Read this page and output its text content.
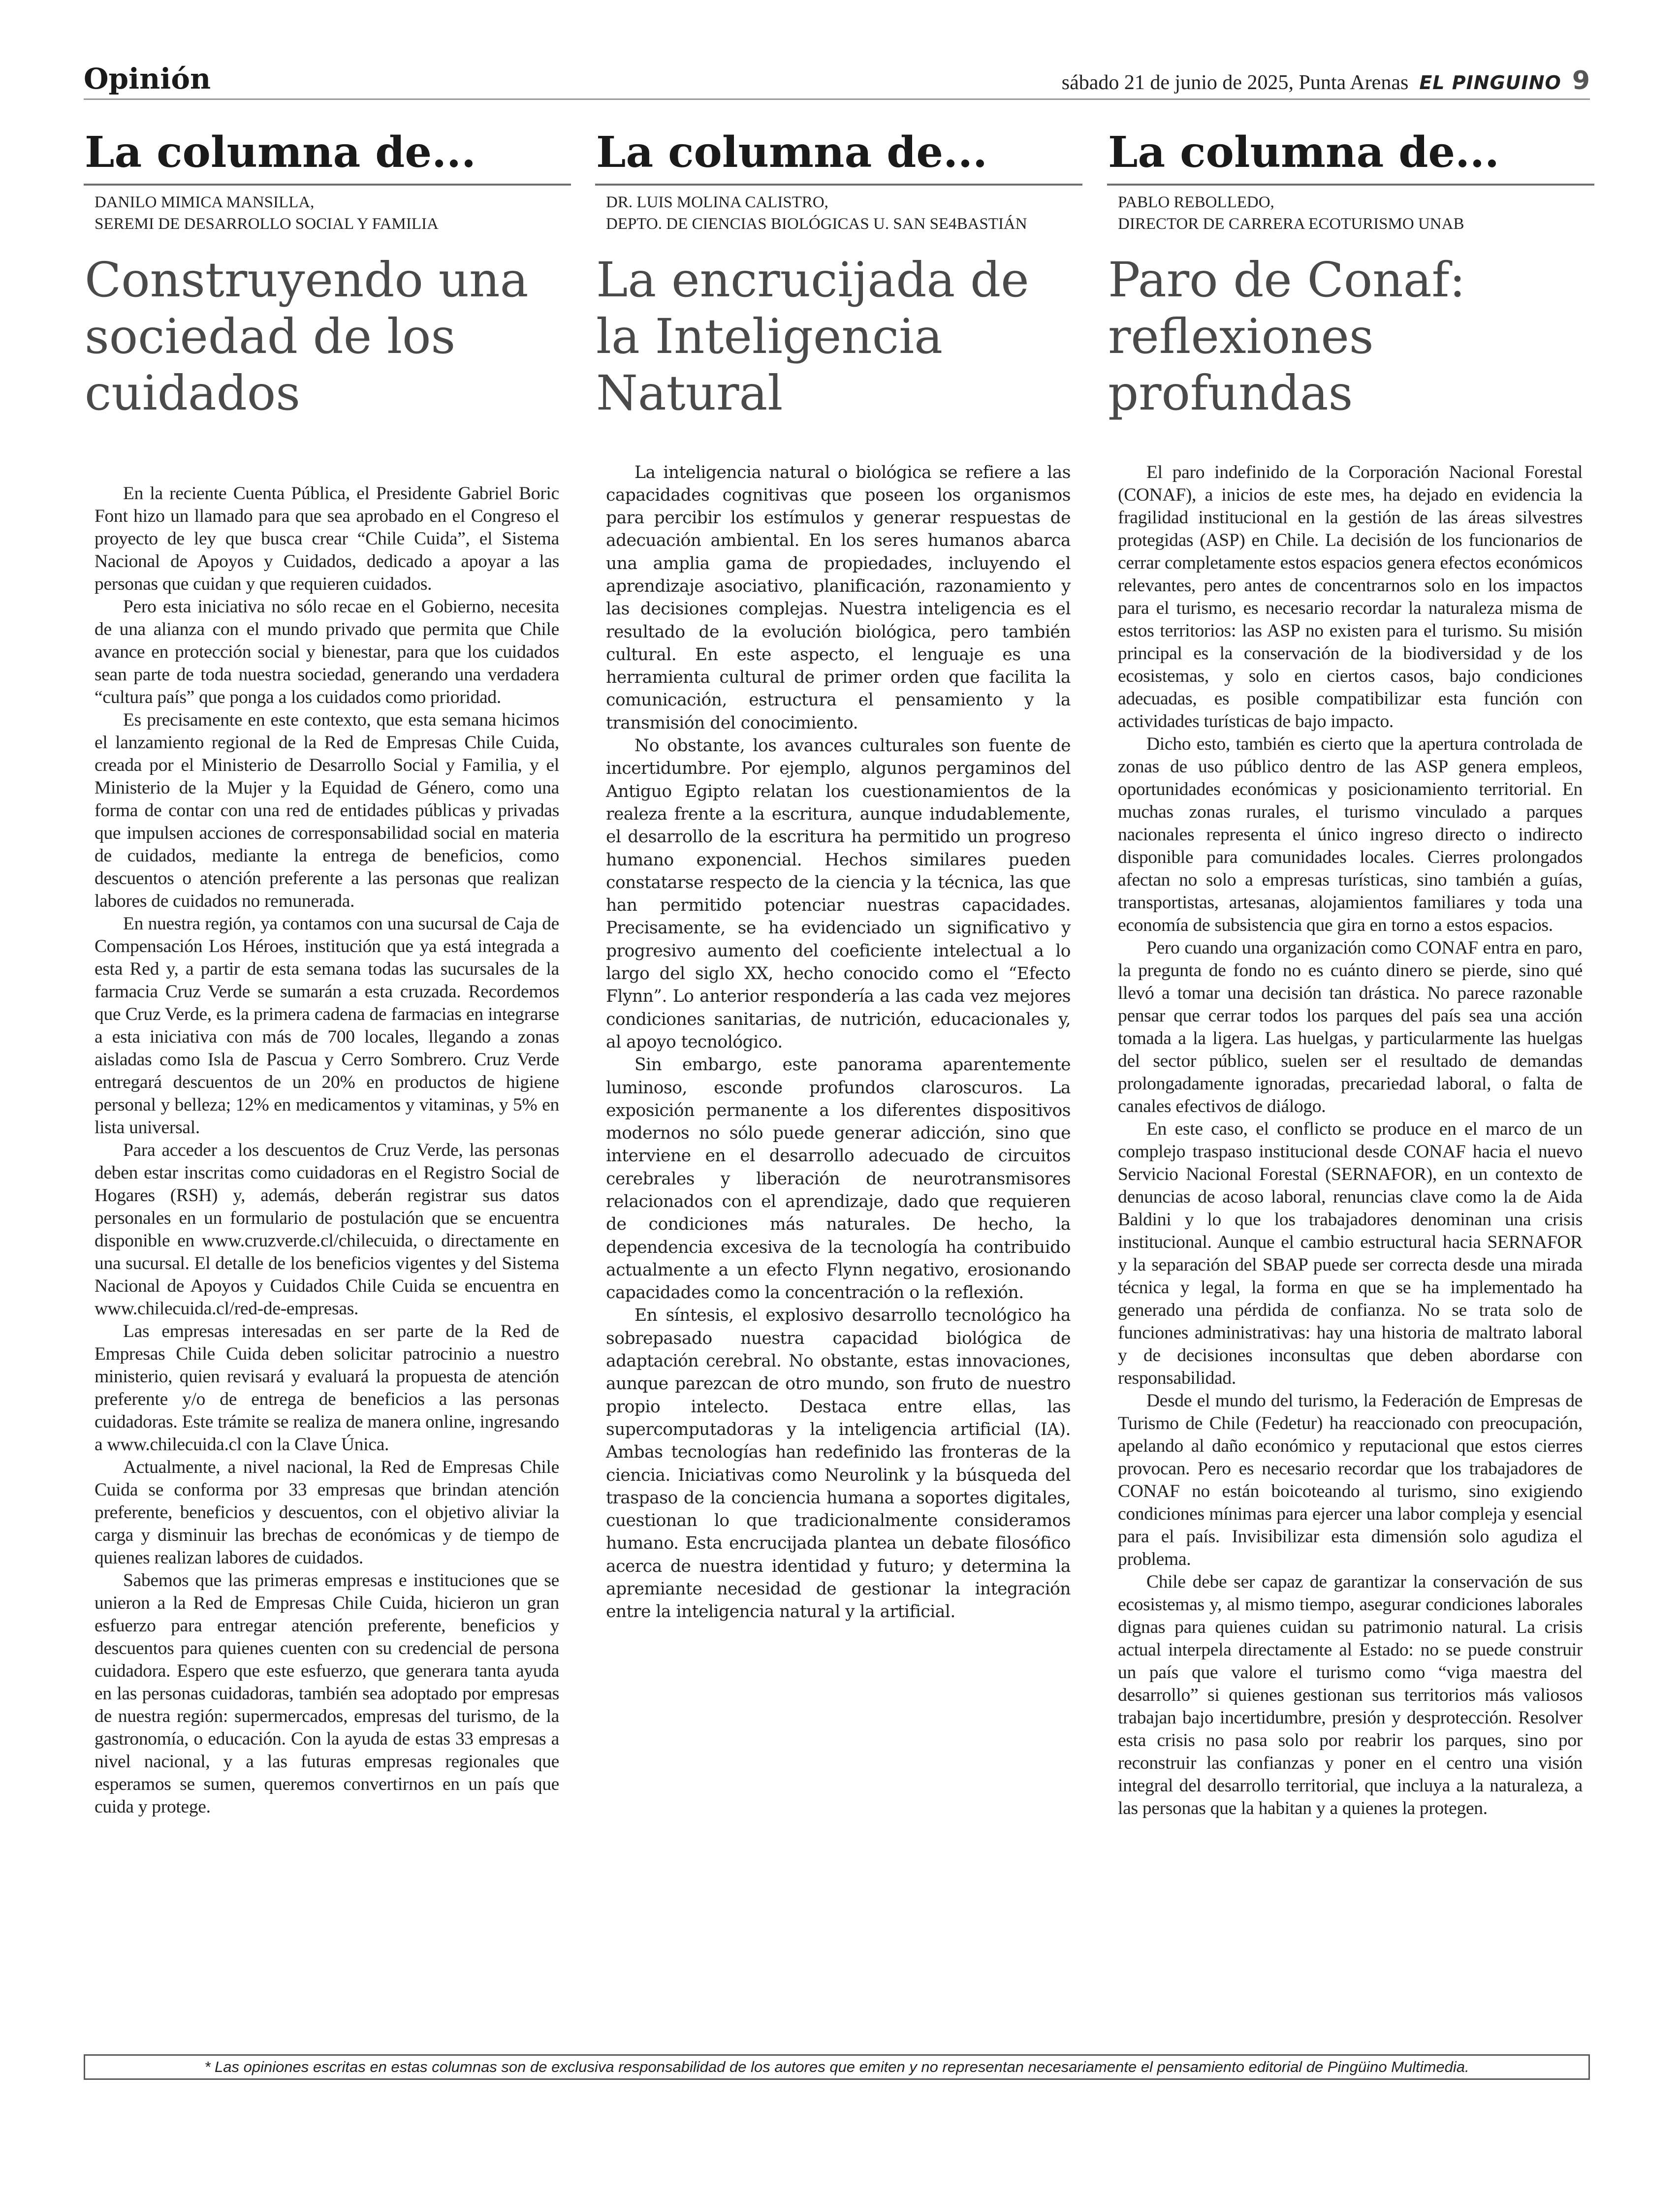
Opinión	sábado 21 de junio de 2025, Punta Arenas EL PINGUINO 9
La columna de...
DANILO MIMICA MANSILLA,
SEREMI DE DESARROLLO SOCIAL Y FAMILIA
Construyendo una sociedad de los cuidados

En la reciente Cuenta Pública, el Presidente Gabriel Boric Font hizo un llamado para que sea aprobado en el Congreso el proyecto de ley que busca crear “Chile Cuida”, el Sistema Nacional de Apoyos y Cuidados, dedicado a apoyar a las personas que cuidan y que requieren cuidados.

Pero esta iniciativa no sólo recae en el Gobierno, necesita de una alianza con el mundo privado que permita que Chile avance en protección social y bienestar, para que los cuidados sean parte de toda nuestra sociedad, generando una verdadera “cultura país” que ponga a los cuidados como prioridad.

Es precisamente en este contexto, que esta semana hicimos el lanzamiento regional de la Red de Empresas Chile Cuida, creada por el Ministerio de Desarrollo Social y Familia, y el Ministerio de la Mujer y la Equidad de Género, como una forma de contar con una red de entidades públicas y privadas que impulsen acciones de corresponsabilidad social en materia de cuidados, mediante la entrega de beneficios, como descuentos o atención preferente a las personas que realizan labores de cuidados no remunerada.

En nuestra región, ya contamos con una sucursal de Caja de Compensación Los Héroes, institución que ya está integrada a esta Red y, a partir de esta semana todas las sucursales de la farmacia Cruz Verde se sumarán a esta cruzada. Recordemos que Cruz Verde, es la primera cadena de farmacias en integrarse a esta iniciativa con más de 700 locales, llegando a zonas aisladas como Isla de Pascua y Cerro Sombrero. Cruz Verde entregará descuentos de un 20% en productos de higiene personal y belleza; 12% en medicamentos y vitaminas, y 5% en lista universal.

Para acceder a los descuentos de Cruz Verde, las personas deben estar inscritas como cuidadoras en el Registro Social de Hogares (RSH) y, además, deberán registrar sus datos personales en un formulario de postulación que se encuentra disponible en www.cruzverde.cl/chilecuida, o directamente en una sucursal. El detalle de los beneficios vigentes y del Sistema Nacional de Apoyos y Cuidados Chile Cuida se encuentra en www.chilecuida.cl/red-de-empresas.

Las empresas interesadas en ser parte de la Red de Empresas Chile Cuida deben solicitar patrocinio a nuestro ministerio, quien revisará y evaluará la propuesta de atención preferente y/o de entrega de beneficios a las personas cuidadoras. Este trámite se realiza de manera online, ingresando a www.chilecuida.cl con la Clave Única.

Actualmente, a nivel nacional, la Red de Empresas Chile Cuida se conforma por 33 empresas que brindan atención preferente, beneficios y descuentos, con el objetivo aliviar la carga y disminuir las brechas de económicas y de tiempo de quienes realizan labores de cuidados.

Sabemos que las primeras empresas e instituciones que se unieron a la Red de Empresas Chile Cuida, hicieron un gran esfuerzo para entregar atención preferente, beneficios y descuentos para quienes cuenten con su credencial de persona cuidadora. Espero que este esfuerzo, que generara tanta ayuda en las personas cuidadoras, también sea adoptado por empresas de nuestra región: supermercados, empresas del turismo, de la gastronomía, o educación. Con la ayuda de estas 33 empresas a nivel nacional, y a las futuras empresas regionales que esperamos se sumen, queremos convertirnos en un país que cuida y protege.

La columna de...
DR. LUIS MOLINA CALISTRO,
DEPTO. DE CIENCIAS BIOLÓGICAS U. SAN SE4BASTIÁN
La encrucijada de la Inteligencia Natural

La inteligencia natural o biológica se refiere a las capacidades cognitivas que poseen los organismos para percibir los estímulos y generar respuestas de adecuación ambiental. En los seres humanos abarca una amplia gama de propiedades, incluyendo el aprendizaje asociativo, planificación, razonamiento y las decisiones complejas. Nuestra inteligencia es el resultado de la evolución biológica, pero también cultural. En este aspecto, el lenguaje es una herramienta cultural de primer orden que facilita la comunicación, estructura el pensamiento y la transmisión del conocimiento.

No obstante, los avances culturales son fuente de incertidumbre. Por ejemplo, algunos pergaminos del Antiguo Egipto relatan los cuestionamientos de la realeza frente a la escritura, aunque indudablemente, el desarrollo de la escritura ha permitido un progreso humano exponencial. Hechos similares pueden constatarse respecto de la ciencia y la técnica, las que han permitido potenciar nuestras capacidades. Precisamente, se ha evidenciado un significativo y progresivo aumento del coeficiente intelectual a lo largo del siglo XX, hecho conocido como el “Efecto Flynn”. Lo anterior respondería a las cada vez mejores condiciones sanitarias, de nutrición, educacionales y, al apoyo tecnológico.

Sin embargo, este panorama aparentemente luminoso, esconde profundos claroscuros. La exposición permanente a los diferentes dispositivos modernos no sólo puede generar adicción, sino que interviene en el desarrollo adecuado de circuitos cerebrales y liberación de neurotransmisores relacionados con el aprendizaje, dado que requieren de condiciones más naturales. De hecho, la dependencia excesiva de la tecnología ha contribuido actualmente a un efecto Flynn negativo, erosionando capacidades como la concentración o la reflexión.

En síntesis, el explosivo desarrollo tecnológico ha sobrepasado nuestra capacidad biológica de adaptación cerebral. No obstante, estas innovaciones, aunque parezcan de otro mundo, son fruto de nuestro propio intelecto. Destaca entre ellas, las supercomputadoras y la inteligencia artificial (IA). Ambas tecnologías han redefinido las fronteras de la ciencia. Iniciativas como Neurolink y la búsqueda del traspaso de la conciencia humana a soportes digitales, cuestionan lo que tradicionalmente consideramos humano. Esta encrucijada plantea un debate filosófico acerca de nuestra identidad y futuro; y determina la apremiante necesidad de gestionar la integración entre la inteligencia natural y la artificial.

La columna de...
PABLO REBOLLEDO,
DIRECTOR DE CARRERA ECOTURISMO UNAB
Paro de Conaf: reflexiones profundas

El paro indefinido de la Corporación Nacional Forestal (CONAF), a inicios de este mes, ha dejado en evidencia la fragilidad institucional en la gestión de las áreas silvestres protegidas (ASP) en Chile. La decisión de los funcionarios de cerrar completamente estos espacios genera efectos económicos relevantes, pero antes de concentrarnos solo en los impactos para el turismo, es necesario recordar la naturaleza misma de estos territorios: las ASP no existen para el turismo. Su misión principal es la conservación de la biodiversidad y de los ecosistemas, y solo en ciertos casos, bajo condiciones adecuadas, es posible compatibilizar esta función con actividades turísticas de bajo impacto.

Dicho esto, también es cierto que la apertura controlada de zonas de uso público dentro de las ASP genera empleos, oportunidades económicas y posicionamiento territorial. En muchas zonas rurales, el turismo vinculado a parques nacionales representa el único ingreso directo o indirecto disponible para comunidades locales. Cierres prolongados afectan no solo a empresas turísticas, sino también a guías, transportistas, artesanas, alojamientos familiares y toda una economía de subsistencia que gira en torno a estos espacios.

Pero cuando una organización como CONAF entra en paro, la pregunta de fondo no es cuánto dinero se pierde, sino qué llevó a tomar una decisión tan drástica. No parece razonable pensar que cerrar todos los parques del país sea una acción tomada a la ligera. Las huelgas, y particularmente las huelgas del sector público, suelen ser el resultado de demandas prolongadamente ignoradas, precariedad laboral, o falta de canales efectivos de diálogo.

En este caso, el conflicto se produce en el marco de un complejo traspaso institucional desde CONAF hacia el nuevo Servicio Nacional Forestal (SERNAFOR), en un contexto de denuncias de acoso laboral, renuncias clave como la de Aida Baldini y lo que los trabajadores denominan una crisis institucional. Aunque el cambio estructural hacia SERNAFOR y la separación del SBAP puede ser correcta desde una mirada técnica y legal, la forma en que se ha implementado ha generado una pérdida de confianza. No se trata solo de funciones administrativas: hay una historia de maltrato laboral y de decisiones inconsultas que deben abordarse con responsabilidad.

Desde el mundo del turismo, la Federación de Empresas de Turismo de Chile (Fedetur) ha reaccionado con preocupación, apelando al daño económico y reputacional que estos cierres provocan. Pero es necesario recordar que los trabajadores de CONAF no están boicoteando al turismo, sino exigiendo condiciones mínimas para ejercer una labor compleja y esencial para el país. Invisibilizar esta dimensión solo agudiza el problema.

Chile debe ser capaz de garantizar la conservación de sus ecosistemas y, al mismo tiempo, asegurar condiciones laborales dignas para quienes cuidan su patrimonio natural. La crisis actual interpela directamente al Estado: no se puede construir un país que valore el turismo como “viga maestra del desarrollo” si quienes gestionan sus territorios más valiosos trabajan bajo incertidumbre, presión y desprotección. Resolver esta crisis no pasa solo por reabrir los parques, sino por reconstruir las confianzas y poner en el centro una visión integral del desarrollo territorial, que incluya a la naturaleza, a las personas que la habitan y a quienes la protegen.

* Las opiniones escritas en estas columnas son de exclusiva responsabilidad de los autores que emiten y no representan necesariamente el pensamiento editorial de Pingüino Multimedia.
